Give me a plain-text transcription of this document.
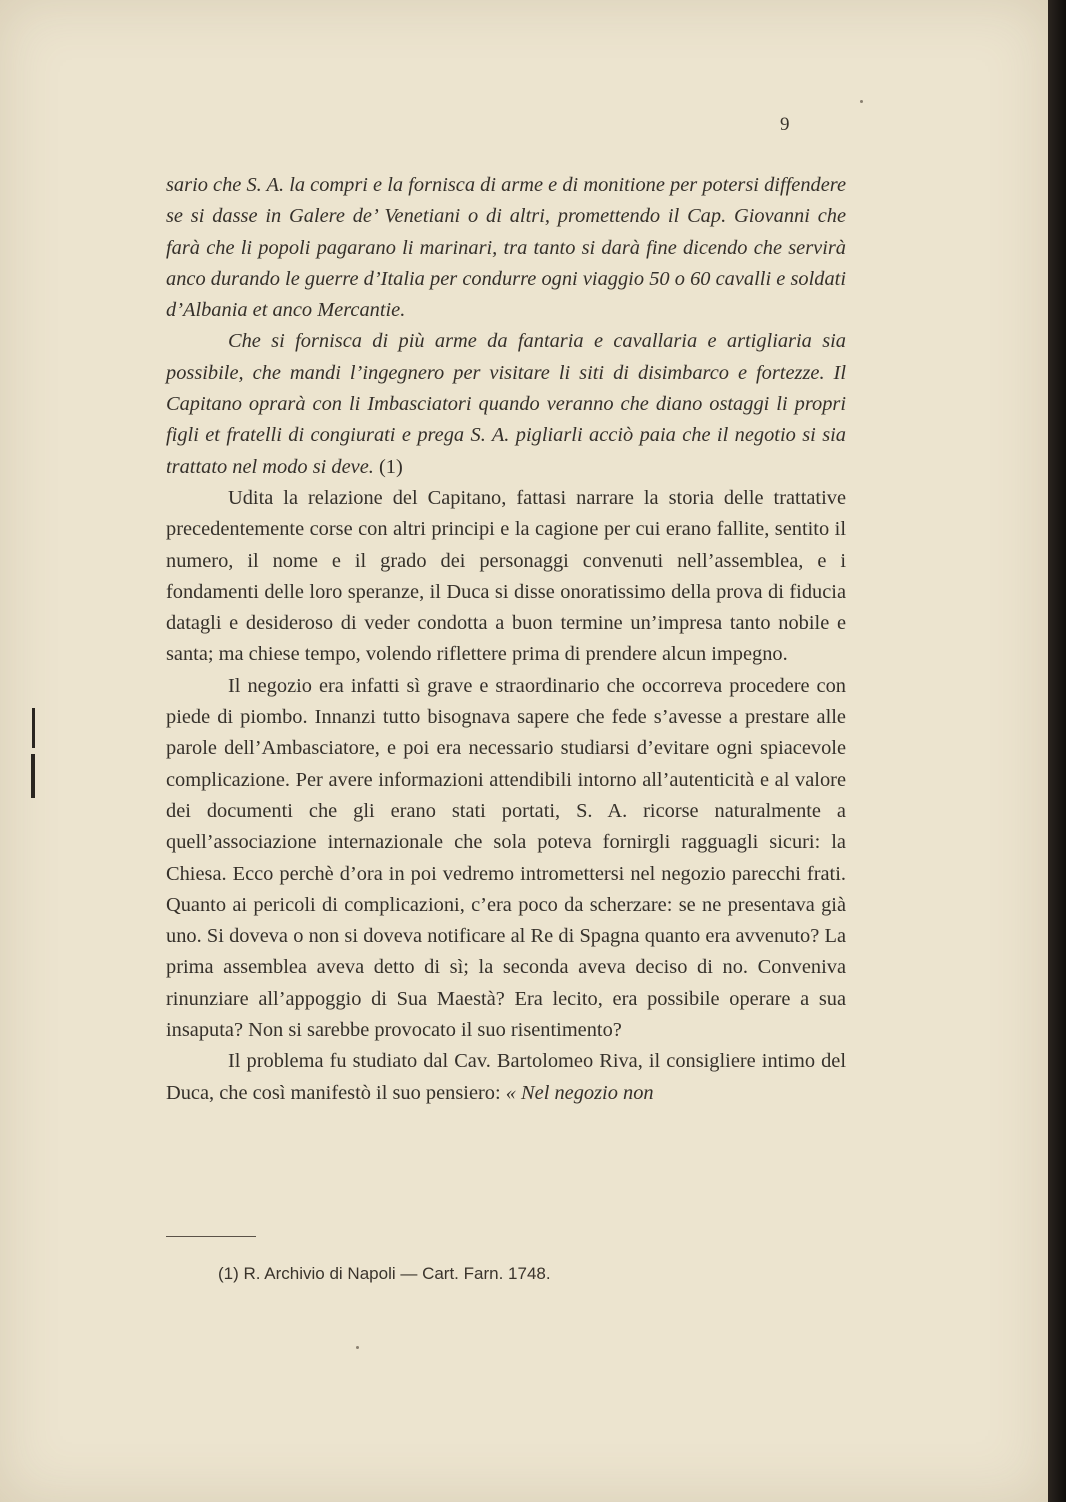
9

sario che S. A. la compri e la fornisca di arme e di monitione per potersi diffendere se si dasse in Galere de’ Venetiani o di altri, promettendo il Cap. Giovanni che farà che li popoli pagarano li marinari, tra tanto si darà fine dicendo che servirà anco durando le guerre d’Italia per condurre ogni viaggio 50 o 60 cavalli e soldati d’Albania et anco Mercantie.

Che si fornisca di più arme da fantaria e cavallaria e artigliaria sia possibile, che mandi l’ingegnero per visitare li siti di disimbarco e fortezze. Il Capitano oprarà con li Imbasciatori quando veranno che diano ostaggi li propri figli et fratelli di congiurati e prega S. A. pigliarli acciò paia che il negotio si sia trattato nel modo si deve. (1)

Udita la relazione del Capitano, fattasi narrare la storia delle trattative precedentemente corse con altri principi e la cagione per cui erano fallite, sentito il numero, il nome e il grado dei personaggi convenuti nell’assemblea, e i fondamenti delle loro speranze, il Duca si disse onoratissimo della prova di fiducia datagli e desideroso di veder condotta a buon termine un’impresa tanto nobile e santa; ma chiese tempo, volendo riflettere prima di prendere alcun impegno.

Il negozio era infatti sì grave e straordinario che occorreva procedere con piede di piombo. Innanzi tutto bisognava sapere che fede s’avesse a prestare alle parole dell’Ambasciatore, e poi era necessario studiarsi d’evitare ogni spiacevole complicazione. Per avere informazioni attendibili intorno all’autenticità e al valore dei documenti che gli erano stati portati, S. A. ricorse naturalmente a quell’associazione internazionale che sola poteva fornirgli ragguagli sicuri: la Chiesa. Ecco perchè d’ora in poi vedremo intromettersi nel negozio parecchi frati. Quanto ai pericoli di complicazioni, c’era poco da scherzare: se ne presentava già uno. Si doveva o non si doveva notificare al Re di Spagna quanto era avvenuto? La prima assemblea aveva detto di sì; la seconda aveva deciso di no. Conveniva rinunziare all’appoggio di Sua Maestà? Era lecito, era possibile operare a sua insaputa? Non si sarebbe provocato il suo risentimento?

Il problema fu studiato dal Cav. Bartolomeo Riva, il consigliere intimo del Duca, che così manifestò il suo pensiero: « Nel negozio non

(1) R. Archivio di Napoli — Cart. Farn. 1748.
